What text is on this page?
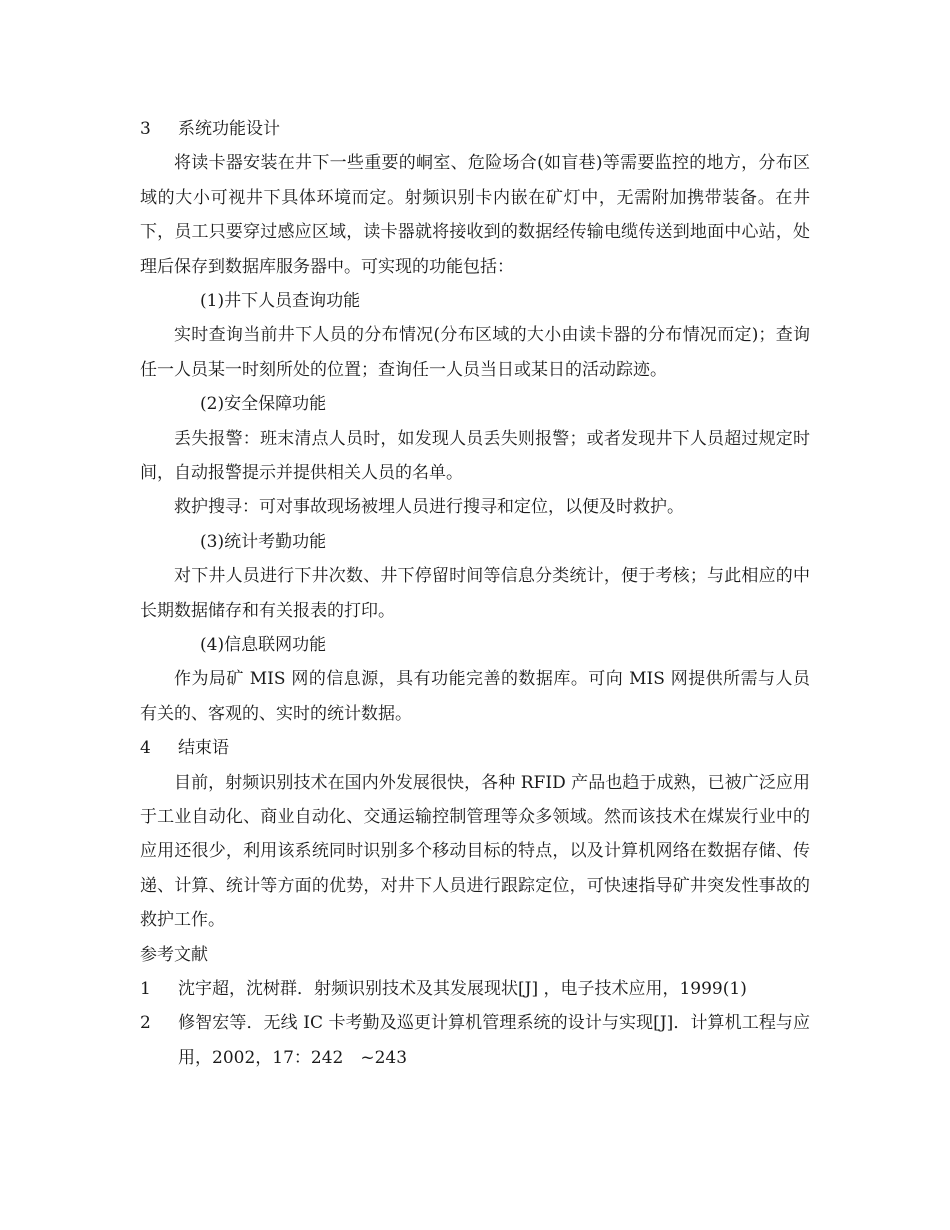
3 系统功能设计
将读卡器安装在井下一些重要的峒室、危险场合(如盲巷)等需要监控的地方，分布区域的大小可视井下具体环境而定。射频识别卡内嵌在矿灯中，无需附加携带装备。在井下，员工只要穿过感应区域，读卡器就将接收到的数据经传输电缆传送到地面中心站，处理后保存到数据库服务器中。可实现的功能包括：
(1)井下人员查询功能
实时查询当前井下人员的分布情况(分布区域的大小由读卡器的分布情况而定)；查询任一人员某一时刻所处的位置；查询任一人员当日或某日的活动踪迹。
(2)安全保障功能
丢失报警：班末清点人员时，如发现人员丢失则报警；或者发现井下人员超过规定时间，自动报警提示并提供相关人员的名单。
救护搜寻：可对事故现场被埋人员进行搜寻和定位，以便及时救护。
(3)统计考勤功能
对下井人员进行下井次数、井下停留时间等信息分类统计，便于考核；与此相应的中长期数据储存和有关报表的打印。
(4)信息联网功能
作为局矿 MIS 网的信息源，具有功能完善的数据库。可向 MIS 网提供所需与人员有关的、客观的、实时的统计数据。
4 结束语
目前，射频识别技术在国内外发展很快，各种 RFID 产品也趋于成熟，已被广泛应用于工业自动化、商业自动化、交通运输控制管理等众多领域。然而该技术在煤炭行业中的应用还很少，利用该系统同时识别多个移动目标的特点，以及计算机网络在数据存储、传递、计算、统计等方面的优势，对井下人员进行跟踪定位，可快速指导矿井突发性事故的救护工作。
参考文献
1 沈宇超，沈树群．射频识别技术及其发展现状[J] ，电子技术应用，1999(1)
2 修智宏等．无线 IC 卡考勤及巡更计算机管理系统的设计与实现[J]．计算机工程与应用，2002，17：242　~243
